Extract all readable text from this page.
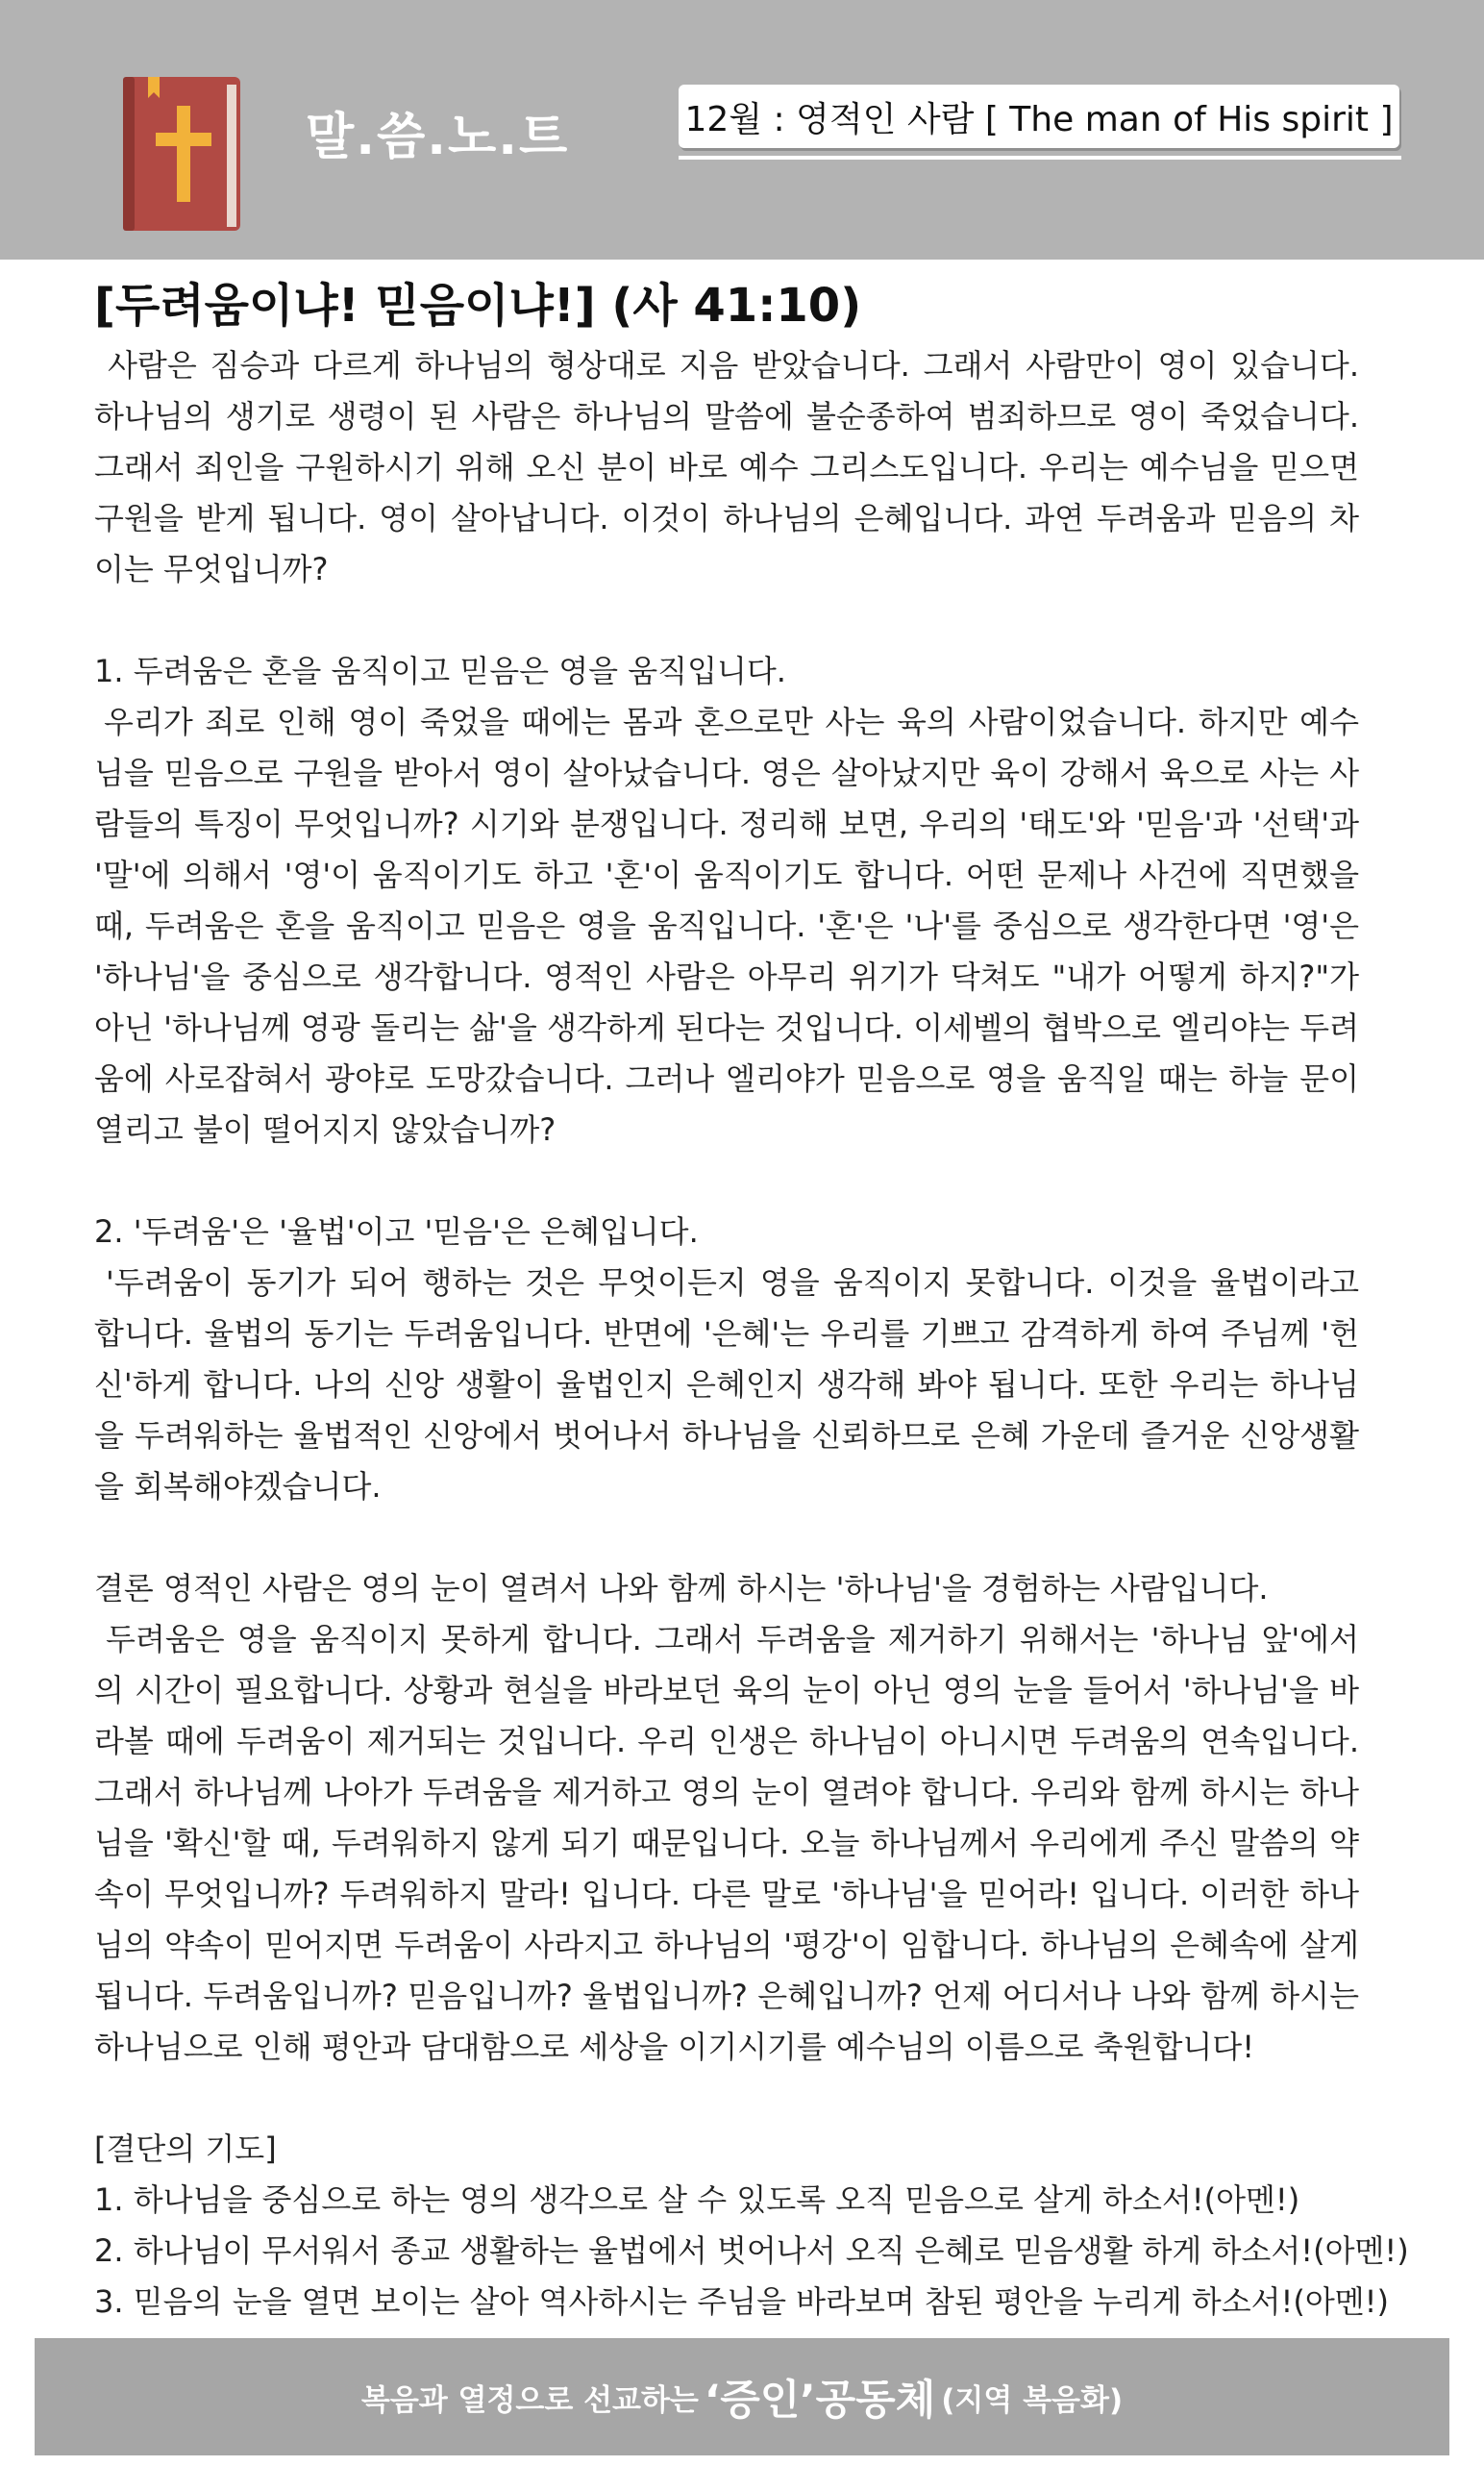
말.씀.노.트	12월 : 영적인 사람 [ The man of His spirit ]
[두려움이냐! 믿음이냐!] (사 41:10)

사람은 짐승과 다르게 하나님의 형상대로 지음 받았습니다. 그래서 사람만이 영이 있습니다. 하나님의 생기로 생령이 된 사람은 하나님의 말씀에 불순종하여 범죄하므로 영이 죽었습니다. 그래서 죄인을 구원하시기 위해 오신 분이 바로 예수 그리스도입니다. 우리는 예수님을 믿으면 구원을 받게 됩니다. 영이 살아납니다. 이것이 하나님의 은혜입니다. 과연 두려움과 믿음의 차이는 무엇입니까?

1. 두려움은 혼을 움직이고 믿음은 영을 움직입니다.

우리가 죄로 인해 영이 죽었을 때에는 몸과 혼으로만 사는 육의 사람이었습니다. 하지만 예수님을 믿음으로 구원을 받아서 영이 살아났습니다. 영은 살아났지만 육이 강해서 육으로 사는 사람들의 특징이 무엇입니까? 시기와 분쟁입니다. 정리해 보면, 우리의 '태도'와 '믿음'과 '선택'과 '말'에 의해서 '영'이 움직이기도 하고 '혼'이 움직이기도 합니다. 어떤 문제나 사건에 직면했을 때, 두려움은 혼을 움직이고 믿음은 영을 움직입니다. '혼'은 '나'를 중심으로 생각한다면 '영'은 '하나님'을 중심으로 생각합니다. 영적인 사람은 아무리 위기가 닥쳐도 "내가 어떻게 하지?"가 아닌 '하나님께 영광 돌리는 삶'을 생각하게 된다는 것입니다. 이세벨의 협박으로 엘리야는 두려움에 사로잡혀서 광야로 도망갔습니다. 그러나 엘리야가 믿음으로 영을 움직일 때는 하늘 문이 열리고 불이 떨어지지 않았습니까?

2. '두려움'은 '율법'이고 '믿음'은 은혜입니다.

'두려움이 동기가 되어 행하는 것은 무엇이든지 영을 움직이지 못합니다. 이것을 율법이라고 합니다. 율법의 동기는 두려움입니다. 반면에 '은혜'는 우리를 기쁘고 감격하게 하여 주님께 '헌신'하게 합니다. 나의 신앙 생활이 율법인지 은혜인지 생각해 봐야 됩니다. 또한 우리는 하나님을 두려워하는 율법적인 신앙에서 벗어나서 하나님을 신뢰하므로 은혜 가운데 즐거운 신앙생활을 회복해야겠습니다.

결론 영적인 사람은 영의 눈이 열려서 나와 함께 하시는 '하나님'을 경험하는 사람입니다.

두려움은 영을 움직이지 못하게 합니다. 그래서 두려움을 제거하기 위해서는 '하나님 앞'에서의 시간이 필요합니다. 상황과 현실을 바라보던 육의 눈이 아닌 영의 눈을 들어서 '하나님'을 바라볼 때에 두려움이 제거되는 것입니다. 우리 인생은 하나님이 아니시면 두려움의 연속입니다. 그래서 하나님께 나아가 두려움을 제거하고 영의 눈이 열려야 합니다. 우리와 함께 하시는 하나님을 '확신'할 때, 두려워하지 않게 되기 때문입니다. 오늘 하나님께서 우리에게 주신 말씀의 약속이 무엇입니까? 두려워하지 말라! 입니다. 다른 말로 '하나님'을 믿어라! 입니다. 이러한 하나님의 약속이 믿어지면 두려움이 사라지고 하나님의 '평강'이 임합니다. 하나님의 은혜속에 살게 됩니다. 두려움입니까? 믿음입니까? 율법입니까? 은혜입니까? 언제 어디서나 나와 함께 하시는 하나님으로 인해 평안과 담대함으로 세상을 이기시기를 예수님의 이름으로 축원합니다!

[결단의 기도]

1. 하나님을 중심으로 하는 영의 생각으로 살 수 있도록 오직 믿음으로 살게 하소서!(아멘!)

2. 하나님이 무서워서 종교 생활하는 율법에서 벗어나서 오직 은혜로 믿음생활 하게 하소서!(아멘!)

3. 믿음의 눈을 열면 보이는 살아 역사하시는 주님을 바라보며 참된 평안을 누리게 하소서!(아멘!)

복음과 열정으로 선교하는 ‘증인’공동체 (지역 복음화)
